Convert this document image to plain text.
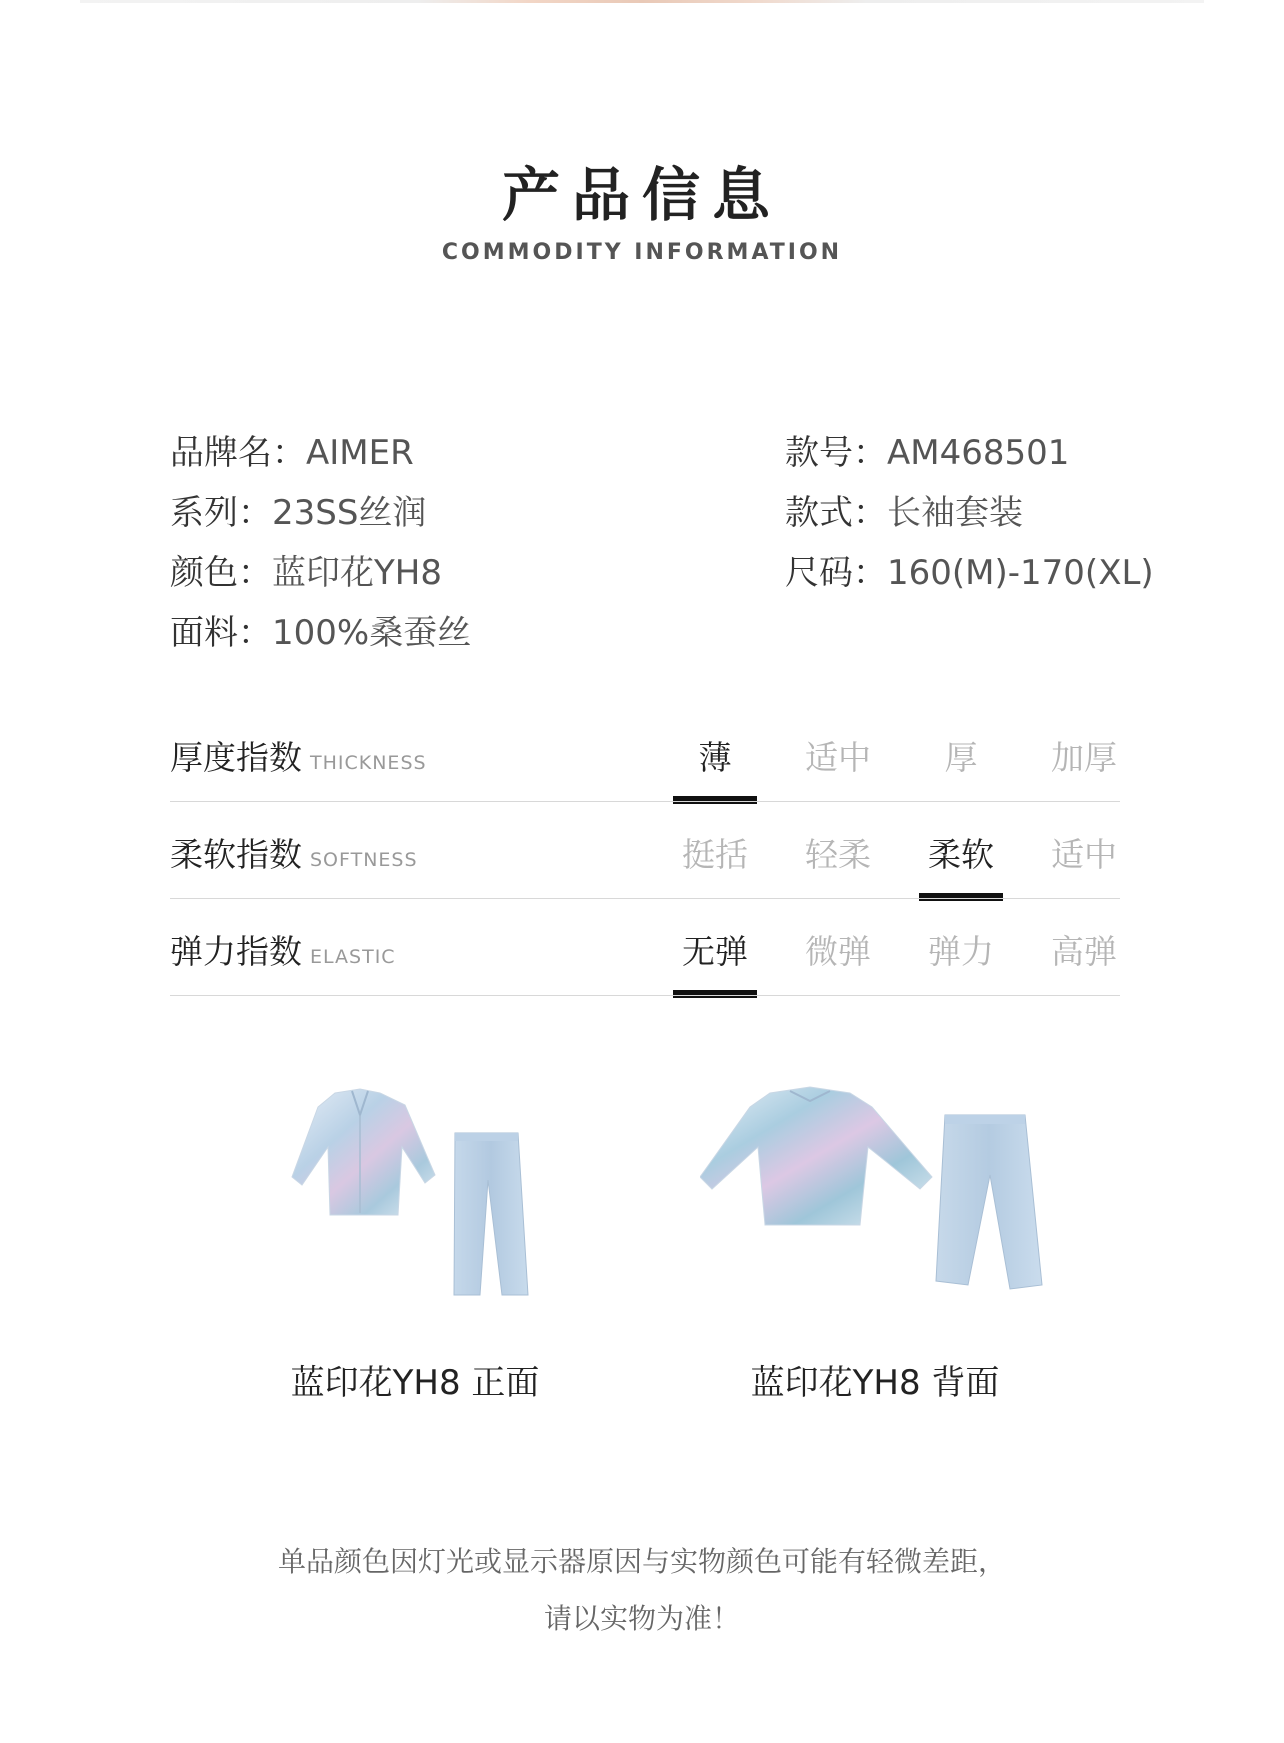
产品信息
COMMODITY INFORMATION
品牌名：AIMER
系列：23SS丝润
颜色：蓝印花YH8
面料：100%桑蚕丝
款号：AM468501
款式：长袖套装
尺码：160(M)-170(XL)
厚度指数 THICKNESS	薄	适中	厚	加厚
柔软指数 SOFTNESS	挺括	轻柔	柔软	适中
弹力指数 ELASTIC	无弹	微弹	弹力	高弹
蓝印花YH8 正面	蓝印花YH8 背面
单品颜色因灯光或显示器原因与实物颜色可能有轻微差距，
请以实物为准！
